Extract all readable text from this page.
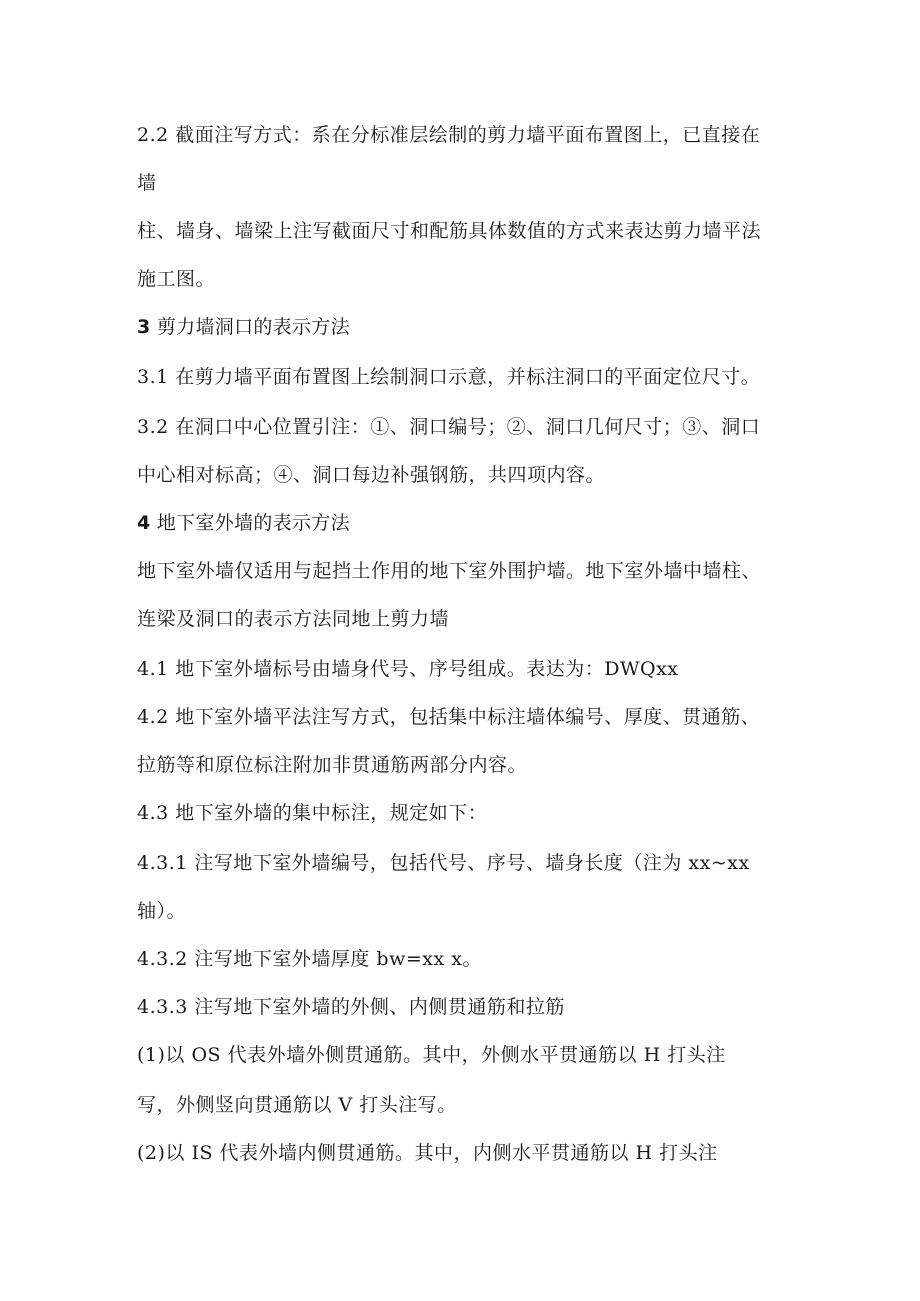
2.2 截面注写方式：系在分标准层绘制的剪力墙平面布置图上，已直接在
墙
柱、墙身、墙梁上注写截面尺寸和配筋具体数值的方式来表达剪力墙平法
施工图。
3 剪力墙洞口的表示方法
3.1 在剪力墙平面布置图上绘制洞口示意，并标注洞口的平面定位尺寸。
3.2 在洞口中心位置引注：①、洞口编号；②、洞口几何尺寸；③、洞口
中心相对标高；④、洞口每边补强钢筋，共四项内容。
4 地下室外墙的表示方法
地下室外墙仅适用与起挡土作用的地下室外围护墙。地下室外墙中墙柱、
连梁及洞口的表示方法同地上剪力墙
4.1 地下室外墙标号由墙身代号、序号组成。表达为：DWQxx
4.2 地下室外墙平法注写方式，包括集中标注墙体编号、厚度、贯通筋、
拉筋等和原位标注附加非贯通筋两部分内容。
4.3 地下室外墙的集中标注，规定如下：
4.3.1 注写地下室外墙编号，包括代号、序号、墙身长度（注为 xx~xx
轴）。
4.3.2 注写地下室外墙厚度 bw=xx x。
4.3.3 注写地下室外墙的外侧、内侧贯通筋和拉筋
(1)以 OS 代表外墙外侧贯通筋。其中，外侧水平贯通筋以 H 打头注
写，外侧竖向贯通筋以 V 打头注写。
(2)以 IS 代表外墙内侧贯通筋。其中，内侧水平贯通筋以 H 打头注
